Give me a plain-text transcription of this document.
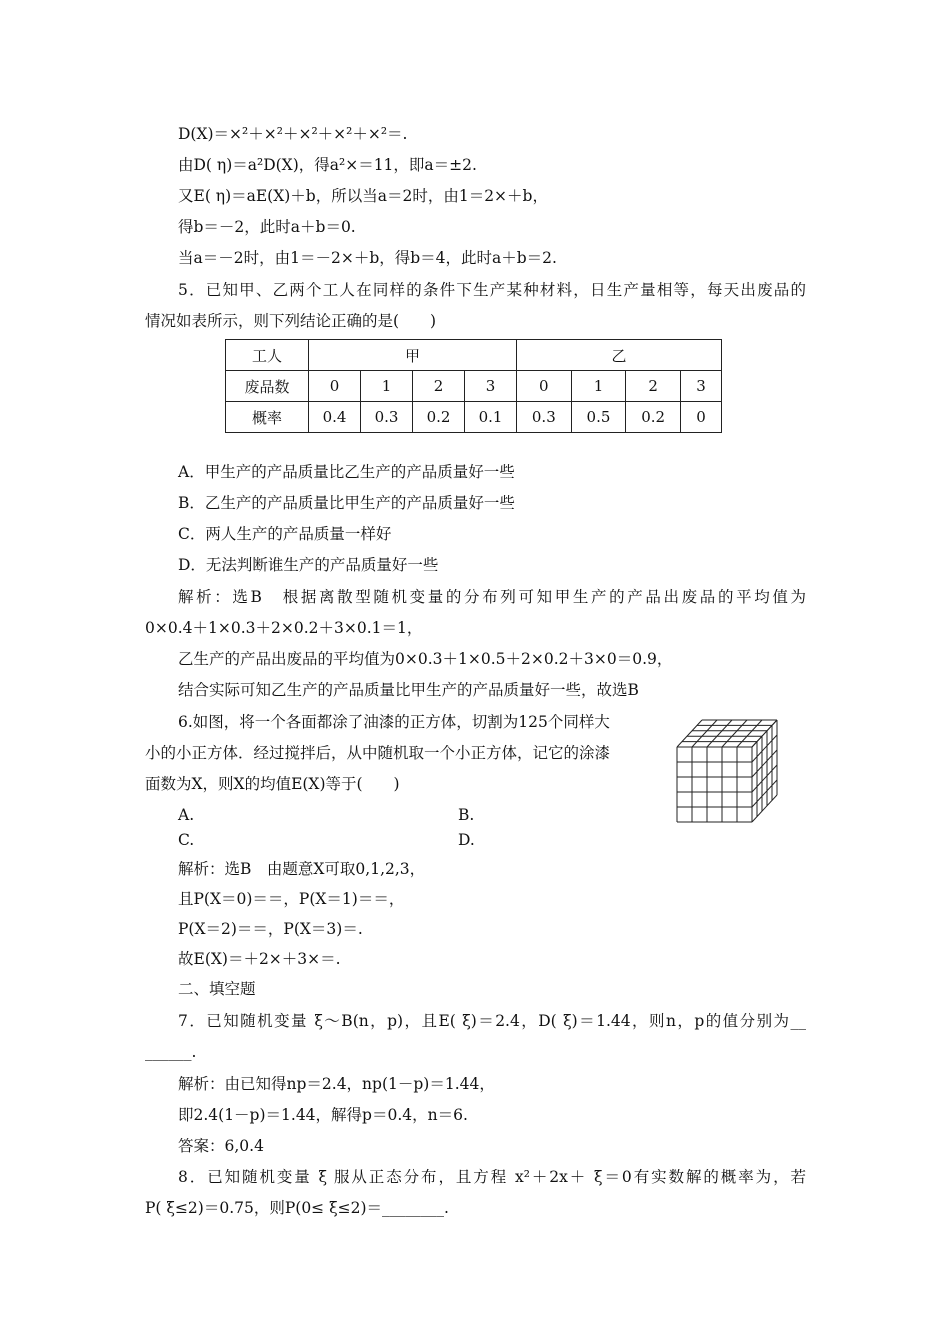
D(X)＝×²＋×²＋×²＋×²＋×²＝.
由D( η)＝a²D(X)，得a²×＝11，即a＝±2.
又E( η)＝aE(X)＋b，所以当a＝2时，由1＝2×＋b，
得b＝－2，此时a＋b＝0.
当a＝－2时，由1＝－2×＋b，得b＝4，此时a＋b＝2.
5．已知甲、乙两个工人在同样的条件下生产某种材料，日生产量相等，每天出废品的
情况如表所示，则下列结论正确的是(　　)
工人	甲				乙			
废品数	0	1	2	3	0	1	2	3
概率	0.4	0.3	0.2	0.1	0.3	0.5	0.2	0
A．甲生产的产品质量比乙生产的产品质量好一些
B．乙生产的产品质量比甲生产的产品质量好一些
C．两人生产的产品质量一样好
D．无法判断谁生产的产品质量好一些
解析：选B　根据离散型随机变量的分布列可知甲生产的产品出废品的平均值为
0×0.4＋1×0.3＋2×0.2＋3×0.1＝1，
乙生产的产品出废品的平均值为0×0.3＋1×0.5＋2×0.2＋3×0＝0.9，
结合实际可知乙生产的产品质量比甲生产的产品质量好一些，故选B
6.如图，将一个各面都涂了油漆的正方体，切割为125个同样大
小的小正方体．经过搅拌后，从中随机取一个小正方体，记它的涂漆
面数为X，则X的均值E(X)等于(　　)
A.	B.
C.	D.
解析：选B　由题意X可取0,1,2,3，
且P(X＝0)＝＝，P(X＝1)＝＝，
P(X＝2)＝＝，P(X＝3)＝.
故E(X)＝＋2×＋3×＝.
二、填空题
7．已知随机变量 ξ～B(n，p)，且E( ξ)＝2.4，D( ξ)＝1.44，则n，p的值分别为__
______.
解析：由已知得np＝2.4，np(1－p)＝1.44，
即2.4(1－p)＝1.44，解得p＝0.4，n＝6.
答案：6,0.4
8．已知随机变量 ξ 服从正态分布，且方程 x²＋2x＋ ξ＝0有实数解的概率为，若
P( ξ≤2)＝0.75，则P(0≤ ξ≤2)＝________.
